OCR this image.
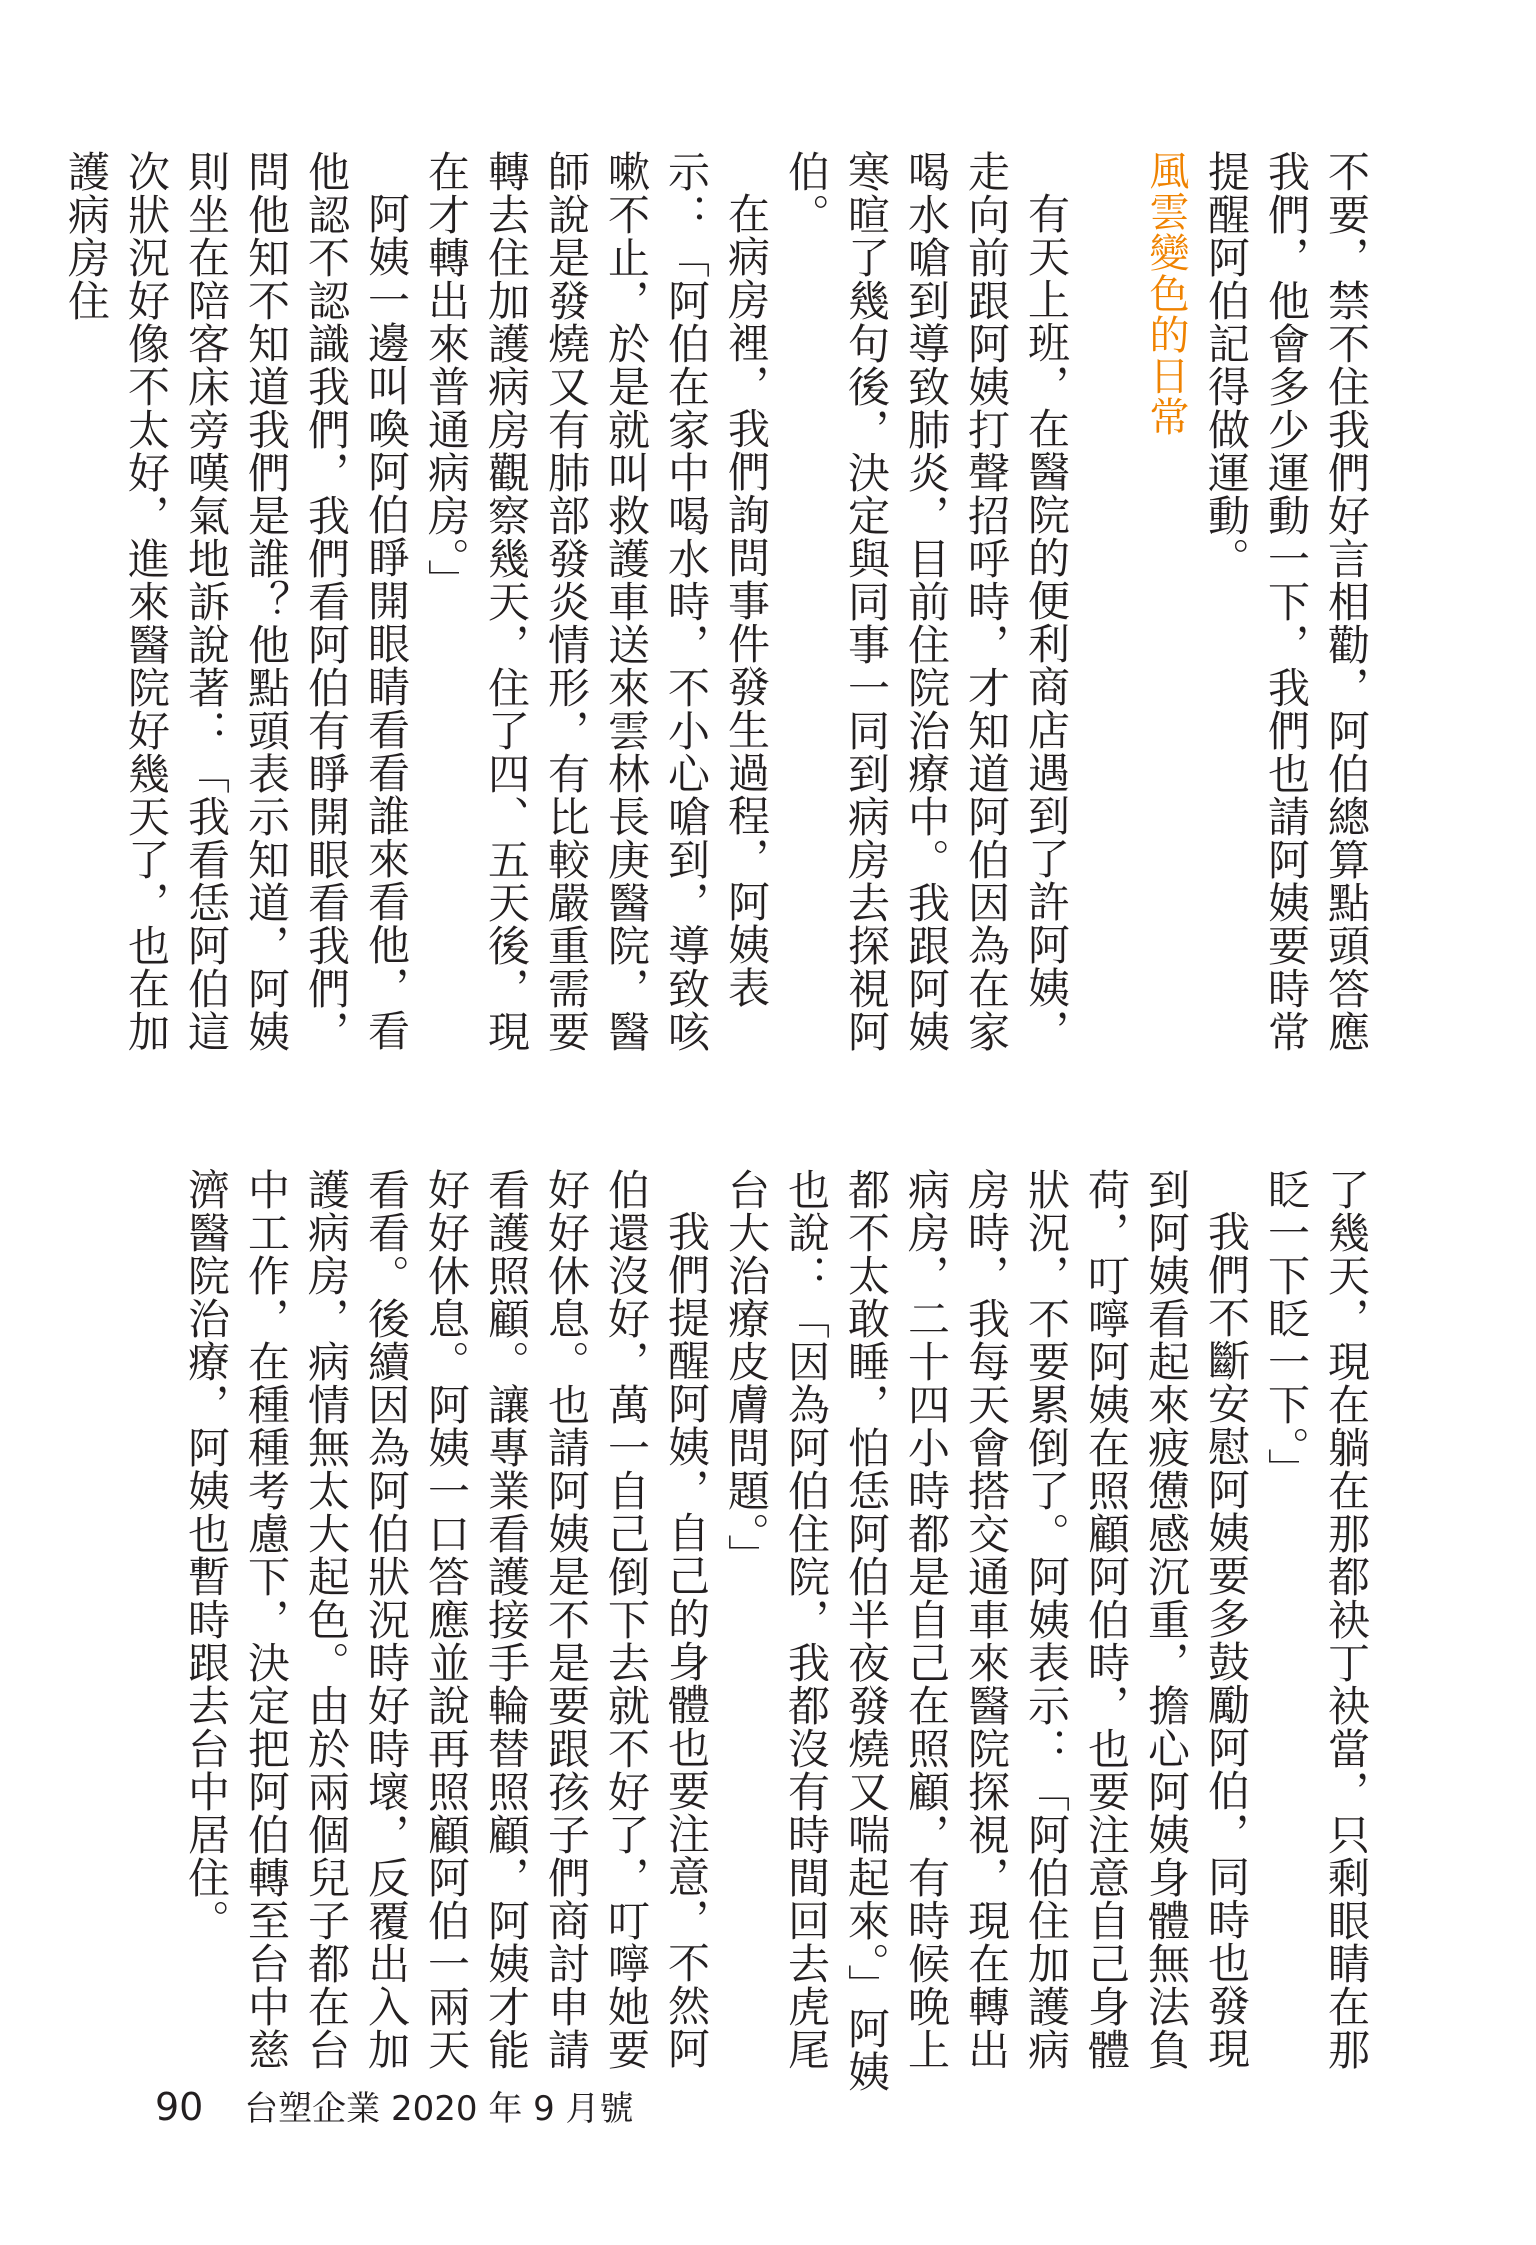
不要，禁不住我們好言相勸，阿伯總算點頭答應我們，他會多少運動一下，我們也請阿姨要時常提醒阿伯記得做運動。

風雲變色的日常

有天上班，在醫院的便利商店遇到了許阿姨，走向前跟阿姨打聲招呼時，才知道阿伯因為在家喝水嗆到導致肺炎，目前住院治療中。我跟阿姨寒暄了幾句後，決定與同事一同到病房去探視阿伯。

在病房裡，我們詢問事件發生過程，阿姨表示：「阿伯在家中喝水時，不小心嗆到，導致咳嗽不止，於是就叫救護車送來雲林長庚醫院，醫師說是發燒又有肺部發炎情形，有比較嚴重需要轉去住加護病房觀察幾天，住了四、五天後，現在才轉出來普通病房。」

阿姨一邊叫喚阿伯睜開眼睛看看誰來看他，看他認不認識我們，我們看阿伯有睜開眼看我們，問他知不知道我們是誰？他點頭表示知道，阿姨則坐在陪客床旁嘆氣地訴說著：「我看恁阿伯這次狀況好像不太好，進來醫院好幾天了，也在加護病房住

了幾天，現在躺在那都袂丁袂當，只剩眼睛在那眨一下眨一下。」

我們不斷安慰阿姨要多鼓勵阿伯，同時也發現到阿姨看起來疲憊感沉重，擔心阿姨身體無法負荷，叮嚀阿姨在照顧阿伯時，也要注意自己身體狀況，不要累倒了。阿姨表示：「阿伯住加護病房時，我每天會搭交通車來醫院探視，現在轉出病房，二十四小時都是自己在照顧，有時候晚上都不太敢睡，怕恁阿伯半夜發燒又喘起來。」阿姨也說：「因為阿伯住院，我都沒有時間回去虎尾台大治療皮膚問題。」

我們提醒阿姨，自己的身體也要注意，不然阿伯還沒好，萬一自己倒下去就不好了，叮嚀她要好好休息。也請阿姨是不是要跟孩子們商討申請看護照顧。讓專業看護接手輪替照顧，阿姨才能好好休息。阿姨一口答應並說再照顧阿伯一兩天看看。後續因為阿伯狀況時好時壞，反覆出入加護病房，病情無太大起色。由於兩個兒子都在台中工作，在種種考慮下，決定把阿伯轉至台中慈濟醫院治療，阿姨也暫時跟去台中居住。

90 台塑企業 2020 年 9 月號
